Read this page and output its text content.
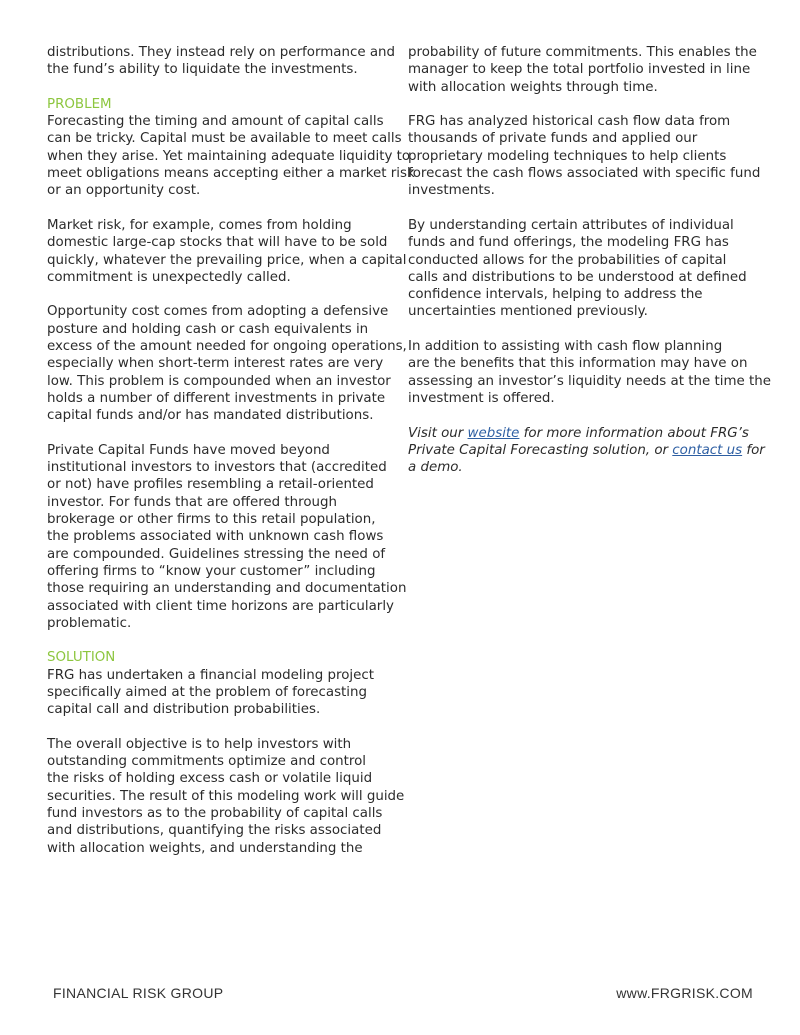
distributions. They instead rely on performance and
the fund’s ability to liquidate the investments.
PROBLEM
Forecasting the timing and amount of capital calls
can be tricky. Capital must be available to meet calls
when they arise. Yet maintaining adequate liquidity to
meet obligations means accepting either a market risk
or an opportunity cost.
Market risk, for example, comes from holding
domestic large-cap stocks that will have to be sold
quickly, whatever the prevailing price, when a capital
commitment is unexpectedly called.
Opportunity cost comes from adopting a defensive
posture and holding cash or cash equivalents in
excess of the amount needed for ongoing operations,
especially when short-term interest rates are very
low. This problem is compounded when an investor
holds a number of different investments in private
capital funds and/or has mandated distributions.
Private Capital Funds have moved beyond
institutional investors to investors that (accredited
or not) have profiles resembling a retail-oriented
investor. For funds that are offered through
brokerage or other firms to this retail population,
the problems associated with unknown cash flows
are compounded. Guidelines stressing the need of
offering firms to “know your customer” including
those requiring an understanding and documentation
associated with client time horizons are particularly
problematic.
SOLUTION
FRG has undertaken a financial modeling project
specifically aimed at the problem of forecasting
capital call and distribution probabilities.
The overall objective is to help investors with
outstanding commitments optimize and control
the risks of holding excess cash or volatile liquid
securities. The result of this modeling work will guide
fund investors as to the probability of capital calls
and distributions, quantifying the risks associated
with allocation weights, and understanding the
probability of future commitments. This enables the
manager to keep the total portfolio invested in line
with allocation weights through time.
FRG has analyzed historical cash flow data from
thousands of private funds and applied our
proprietary modeling techniques to help clients
forecast the cash flows associated with specific fund
investments.
By understanding certain attributes of individual
funds and fund offerings, the modeling FRG has
conducted allows for the probabilities of capital
calls and distributions to be understood at defined
confidence intervals, helping to address the
uncertainties mentioned previously.
In addition to assisting with cash flow planning
are the benefits that this information may have on
assessing an investor’s liquidity needs at the time the
investment is offered.
Visit our website for more information about FRG’s
Private Capital Forecasting solution, or contact us for
a demo.
FINANCIAL RISK GROUP	www.FRGRISK.COM
